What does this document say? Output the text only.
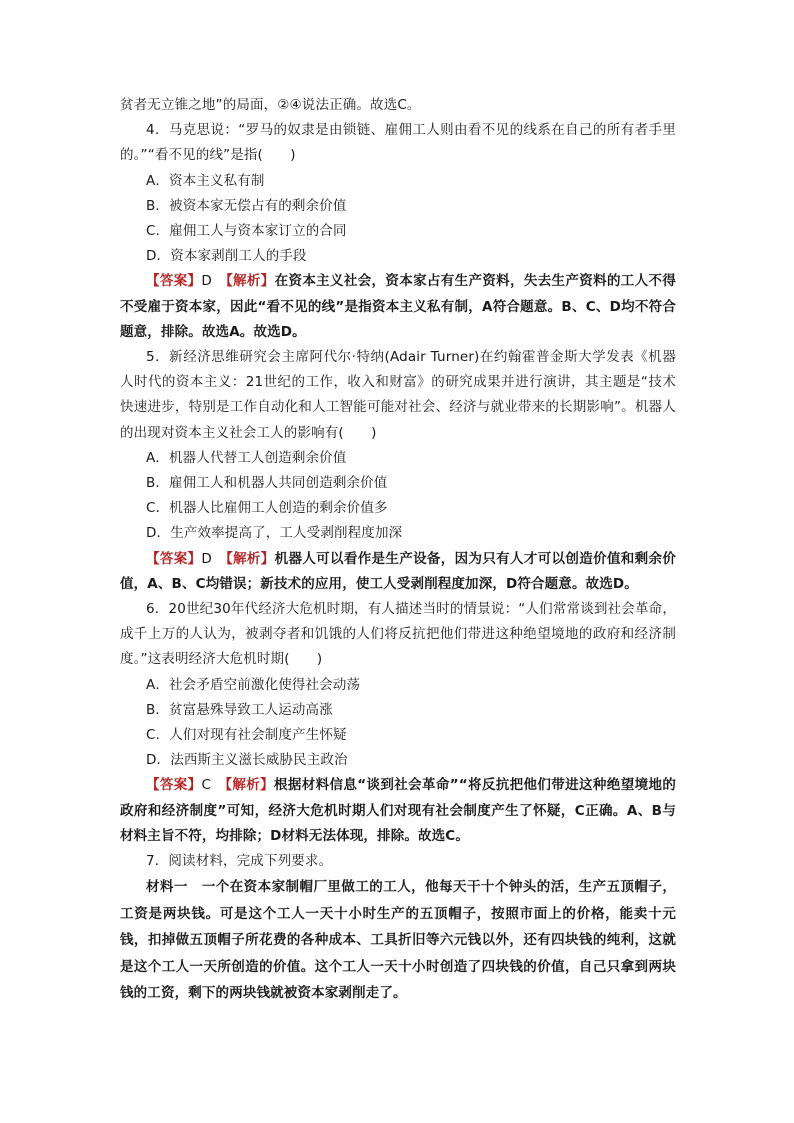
贫者无立锥之地”的局面，②④说法正确。故选C。

4．马克思说：“罗马的奴隶是由锁链、雇佣工人则由看不见的线系在自己的所有者手里的。”“看不见的线”是指(　　)

A．资本主义私有制

B．被资本家无偿占有的剩余价值

C．雇佣工人与资本家订立的合同

D．资本家剥削工人的手段

【答案】D　 【解析】在资本主义社会，资本家占有生产资料，失去生产资料的工人不得不受雇于资本家，因此“看不见的线”是指资本主义私有制，A符合题意。B、C、D均不符合题意，排除。故选A。故选D。

5．新经济思维研究会主席阿代尔·特纳(Adair Turner)在约翰霍普金斯大学发表《机器人时代的资本主义：21世纪的工作，收入和财富》的研究成果并进行演讲，其主题是“技术快速进步，特别是工作自动化和人工智能可能对社会、经济与就业带来的长期影响”。机器人的出现对资本主义社会工人的影响有(　　)

A．机器人代替工人创造剩余价值

B．雇佣工人和机器人共同创造剩余价值

C．机器人比雇佣工人创造的剩余价值多

D．生产效率提高了，工人受剥削程度加深

【答案】D　 【解析】机器人可以看作是生产设备，因为只有人才可以创造价值和剩余价值，A、B、C均错误；新技术的应用，使工人受剥削程度加深，D符合题意。故选D。

6．20世纪30年代经济大危机时期，有人描述当时的情景说：“人们常常谈到社会革命，成千上万的人认为，被剥夺者和饥饿的人们将反抗把他们带进这种绝望境地的政府和经济制度。”这表明经济大危机时期(　　)

A．社会矛盾空前激化使得社会动荡

B．贫富悬殊导致工人运动高涨

C．人们对现有社会制度产生怀疑

D．法西斯主义滋长威胁民主政治

【答案】C　 【解析】根据材料信息“谈到社会革命”“将反抗把他们带进这种绝望境地的政府和经济制度”可知，经济大危机时期人们对现有社会制度产生了怀疑，C正确。A、B与材料主旨不符，均排除；D材料无法体现，排除。故选C。

7．阅读材料，完成下列要求。

材料一　一个在资本家制帽厂里做工的工人，他每天干十个钟头的活，生产五顶帽子，工资是两块钱。可是这个工人一天十小时生产的五顶帽子，按照市面上的价格，能卖十元钱，扣掉做五顶帽子所花费的各种成本、工具折旧等六元钱以外，还有四块钱的纯利，这就是这个工人一天所创造的价值。这个工人一天十小时创造了四块钱的价值，自己只拿到两块钱的工资，剩下的两块钱就被资本家剥削走了。
